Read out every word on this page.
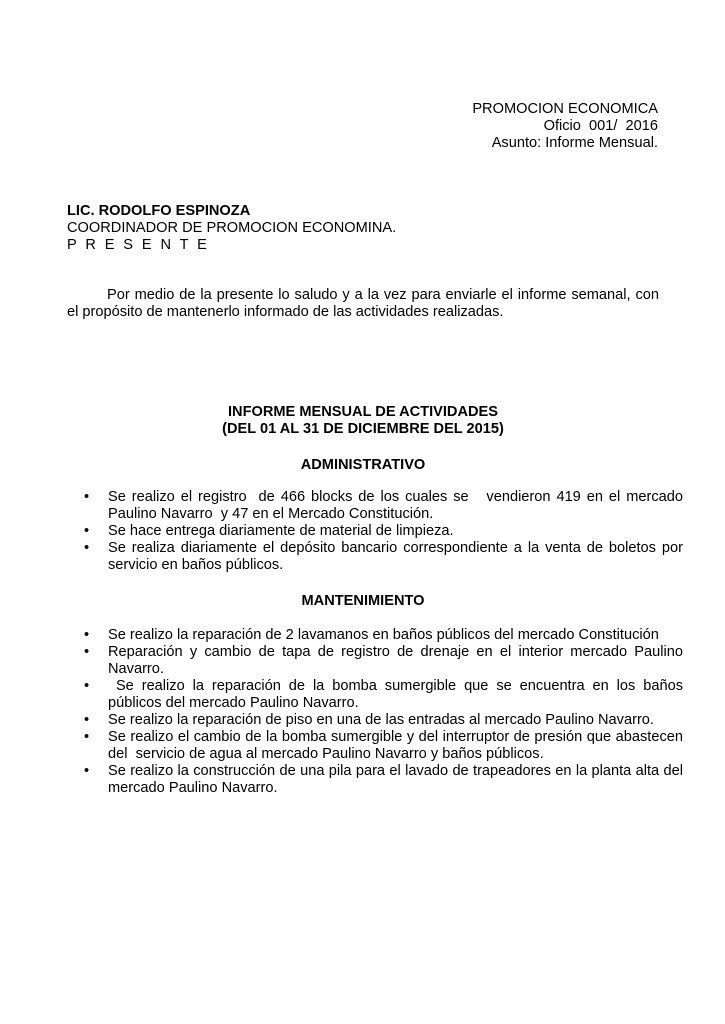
PROMOCION ECONOMICA
Oficio  001/  2016
Asunto: Informe Mensual.
LIC. RODOLFO ESPINOZA
COORDINADOR DE PROMOCION ECONOMINA.
P R E S E N T E
Por medio de la presente lo saludo y a la vez para enviarle el informe semanal, con el propósito de mantenerlo informado de las actividades realizadas.
INFORME MENSUAL DE ACTIVIDADES
(DEL 01 AL 31 DE DICIEMBRE DEL 2015)
ADMINISTRATIVO
• Se realizo el registro  de 466 blocks de los cuales se   vendieron 419 en el mercado Paulino Navarro  y 47 en el Mercado Constitución.
• Se hace entrega diariamente de material de limpieza.
• Se realiza diariamente el depósito bancario correspondiente a la venta de boletos por servicio en baños públicos.
MANTENIMIENTO
• Se realizo la reparación de 2 lavamanos en baños públicos del mercado Constitución
• Reparación y cambio de tapa de registro de drenaje en el interior mercado Paulino Navarro.
• Se realizo la reparación de la bomba sumergible que se encuentra en los baños públicos del mercado Paulino Navarro.
• Se realizo la reparación de piso en una de las entradas al mercado Paulino Navarro.
• Se realizo el cambio de la bomba sumergible y del interruptor de presión que abastecen del  servicio de agua al mercado Paulino Navarro y baños públicos.
• Se realizo la construcción de una pila para el lavado de trapeadores en la planta alta del mercado Paulino Navarro.
